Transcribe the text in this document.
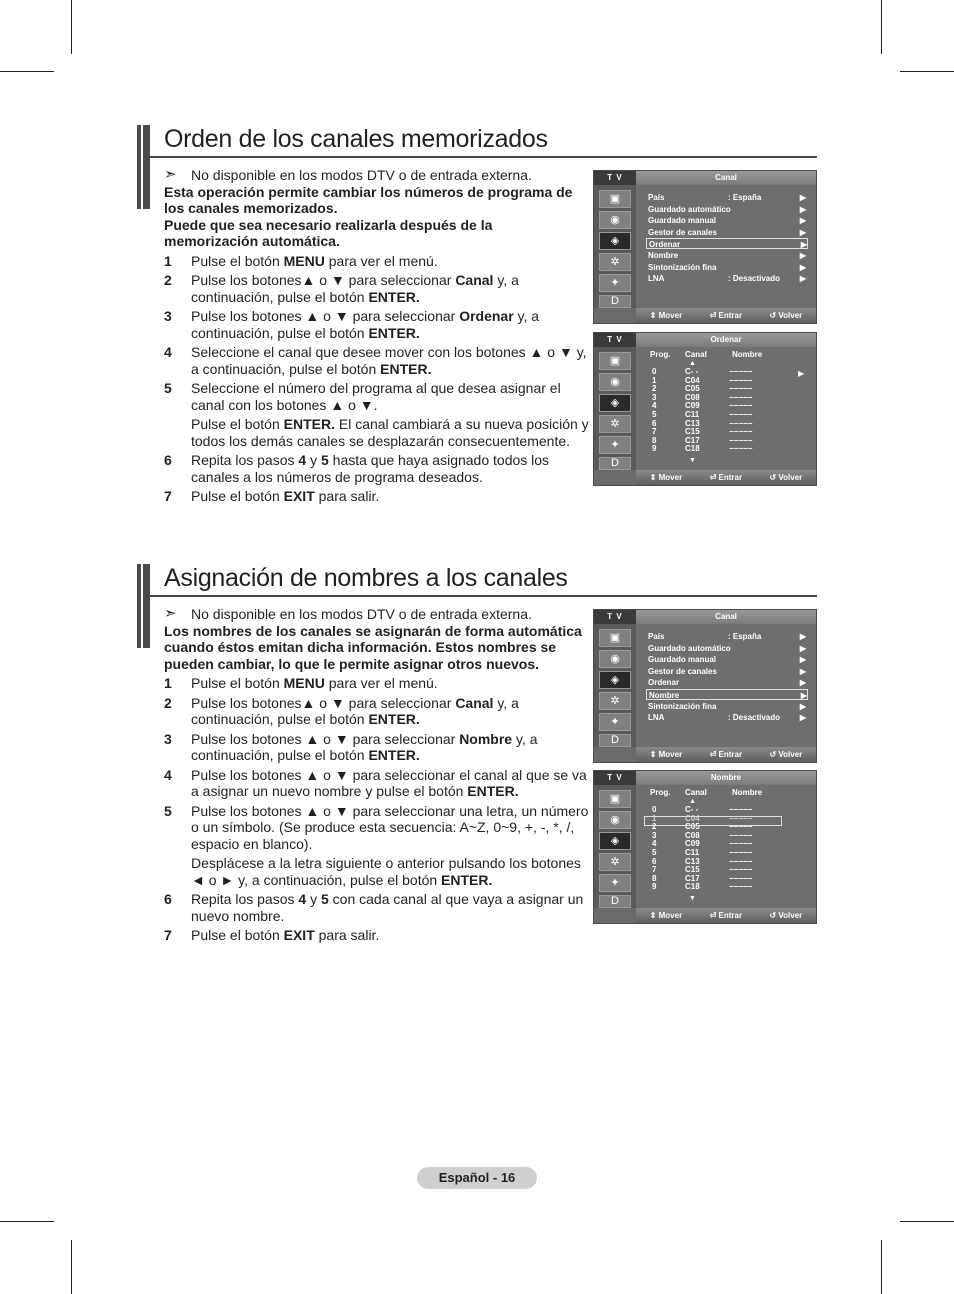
Orden de los canales memorizados
➣	No disponible en los modos DTV o de entrada externa.
Esta operación permite cambiar los números de programa de los canales memorizados.
Puede que sea necesario realizarla después de la memorización automática.
1	Pulse el botón MENU para ver el menú.
2	Pulse los botones▲ o ▼ para seleccionar Canal y, a continuación, pulse el botón ENTER.
3	Pulse los botones ▲ o ▼ para seleccionar Ordenar y, a continuación, pulse el botón ENTER.
4	Seleccione el canal que desee mover con los botones ▲ o ▼ y, a continuación, pulse el botón ENTER.
5	Seleccione el número del programa al que desea asignar el canal con los botones ▲ o ▼.
Pulse el botón ENTER. El canal cambiará a su nueva posición y todos los demás canales se desplazarán consecuentemente.
6	Repita los pasos 4 y 5 hasta que haya asignado todos los canales a los números de programa deseados.
7	Pulse el botón EXIT para salir.
T V	Canal
▣
◉
◈
✲
✦
D
País	: España	▶
Guardado automático	▶
Guardado manual	▶
Gestor de canales	▶
Ordenar	▶
Nombre	▶
Sintonización fina	▶
LNA	: Desactivado ▶
⇕ Mover	⏎ Entrar	↺ Volver
T V	Ordenar
▣
◉
◈
✲
✦
D
Prog. Canal	Nombre
▲
0	C- -	−−−−−
1	C04	−−−−−
2	C05	−−−−−
3	C08	−−−−−
4	C09	−−−−−
5	C11	−−−−−
6	C13	−−−−−
7	C15	−−−−−
8	C17	−−−−−
9	C18	−−−−−
▼
▶
⇕ Mover	⏎ Entrar	↺ Volver
Asignación de nombres a los canales
➣	No disponible en los modos DTV o de entrada externa.
Los nombres de los canales se asignarán de forma automática cuando éstos emitan dicha información. Estos nombres se pueden cambiar, lo que le permite asignar otros nuevos.
1	Pulse el botón MENU para ver el menú.
2	Pulse los botones▲ o ▼ para seleccionar Canal y, a continuación, pulse el botón ENTER.
3	Pulse los botones ▲ o ▼ para seleccionar Nombre y, a continuación, pulse el botón ENTER.
4	Pulse los botones ▲ o ▼ para seleccionar el canal al que se va a asignar un nuevo nombre y pulse el botón ENTER.
5	Pulse los botones ▲ o ▼ para seleccionar una letra, un número o un símbolo. (Se produce esta secuencia: A~Z, 0~9, +, -, *, /, espacio en blanco).
Desplácese a la letra siguiente o anterior pulsando los botones ◄ o ► y, a continuación, pulse el botón ENTER.
6	Repita los pasos 4 y 5 con cada canal al que vaya a asignar un nuevo nombre.
7	Pulse el botón EXIT para salir.
T V	Canal
▣
◉
◈
✲
✦
D
País	: España	▶
Guardado automático	▶
Guardado manual	▶
Gestor de canales	▶
Ordenar	▶
Nombre	▶
Sintonización fina	▶
LNA	: Desactivado ▶
⇕ Mover	⏎ Entrar	↺ Volver
T V	Nombre
▣
◉
◈
✲
✦
D
Prog. Canal	Nombre
▲
0	C- -	−−−−−
1	C04	−−−−−
2	C05	−−−−−
3	C08	−−−−−
4	C09	−−−−−
5	C11	−−−−−
6	C13	−−−−−
7	C15	−−−−−
8	C17	−−−−−
9	C18	−−−−−
▼
⇕ Mover	⏎ Entrar	↺ Volver
Español - 16
